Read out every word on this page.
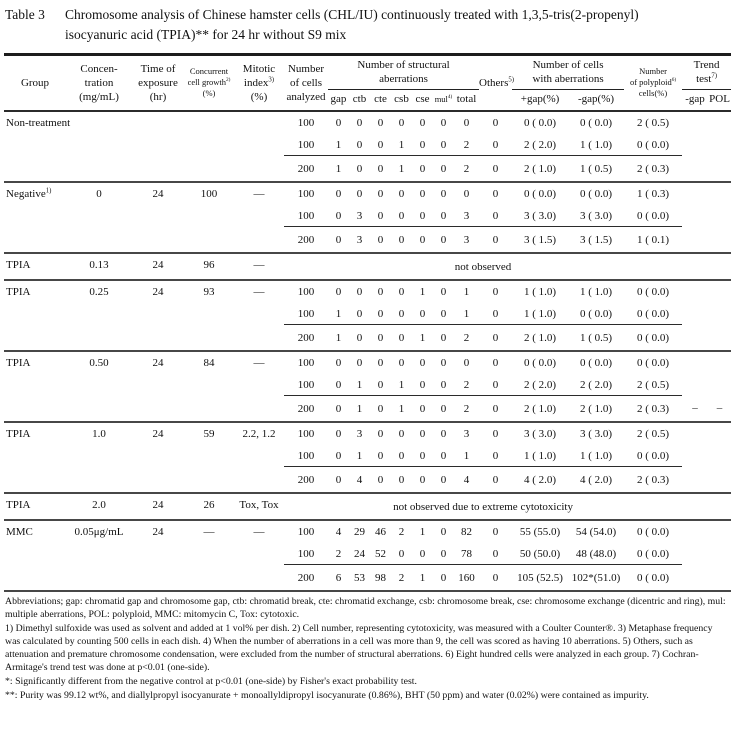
Table 3	Chromosome analysis of Chinese hamster cells (CHL/IU) continuously treated with 1,3,5-tris(2-propenyl)
isocyanuric acid (TPIA)** for 24 hr without S9 mix
Group	Concen-
tration
(mg/mL)	Time of
exposure
(hr)	Concurrent
cell growth$^{2)}$
(%)	Mitotic
index$^{3)}$
(%)	Number
of cells
analyzed	Number of structural
aberrations							Others$^{5)}$	Number of cells
with aberrations		Number
of polyploid$^{6)}$
cells(%)	Trend
test$^{7)}$
						gap	ctb	cte	csb	cse	mul$^{4)}$	total		+gap(%)	-gap(%)		-gap	POL
Non-treatment					100	0	0	0	0	0	0	0	0	0 ( 0.0)	0 ( 0.0)	2 ( 0.5)		
					100	1	0	0	1	0	0	2	0	2 ( 2.0)	1 ( 1.0)	0 ( 0.0)		
					200	1	0	0	1	0	0	2	0	2 ( 1.0)	1 ( 0.5)	2 ( 0.3)		
Negative$^{1)}$	0	24	100	—	100	0	0	0	0	0	0	0	0	0 ( 0.0)	0 ( 0.0)	1 ( 0.3)		
					100	0	3	0	0	0	0	3	0	3 ( 3.0)	3 ( 3.0)	0 ( 0.0)		
					200	0	3	0	0	0	0	3	0	3 ( 1.5)	3 ( 1.5)	1 ( 0.1)		
TPIA	0.13	24	96	—	not observed													
TPIA	0.25	24	93	—	100	0	0	0	0	1	0	1	0	1 ( 1.0)	1 ( 1.0)	0 ( 0.0)		
					100	1	0	0	0	0	0	1	0	1 ( 1.0)	0 ( 0.0)	0 ( 0.0)		
					200	1	0	0	0	1	0	2	0	2 ( 1.0)	1 ( 0.5)	0 ( 0.0)		
TPIA	0.50	24	84	—	100	0	0	0	0	0	0	0	0	0 ( 0.0)	0 ( 0.0)	0 ( 0.0)		
					100	0	1	0	1	0	0	2	0	2 ( 2.0)	2 ( 2.0)	2 ( 0.5)		
					200	0	1	0	1	0	0	2	0	2 ( 1.0)	2 ( 1.0)	2 ( 0.3)	–	–
TPIA	1.0	24	59	2.2, 1.2	100	0	3	0	0	0	0	3	0	3 ( 3.0)	3 ( 3.0)	2 ( 0.5)		
					100	0	1	0	0	0	0	1	0	1 ( 1.0)	1 ( 1.0)	0 ( 0.0)		
					200	0	4	0	0	0	0	4	0	4 ( 2.0)	4 ( 2.0)	2 ( 0.3)		
TPIA	2.0	24	26	Tox, Tox	not observed due to extreme cytotoxicity													
MMC	0.05μg/mL	24	—	—	100	4	29	46	2	1	0	82	0	55 (55.0)	54 (54.0)	0 ( 0.0)		
					100	2	24	52	0	0	0	78	0	50 (50.0)	48 (48.0)	0 ( 0.0)		
					200	6	53	98	2	1	0	160	0	105 (52.5)	102*(51.0)	0 ( 0.0)		
Abbreviations; gap: chromatid gap and chromosome gap, ctb: chromatid break, cte: chromatid exchange, csb: chromosome break, cse: chromosome exchange (dicentric and ring), mul: multiple aberrations, POL: polyploid, MMC: mitomycin C, Tox: cytotoxic.
1) Dimethyl sulfoxide was used as solvent and added at 1 vol% per dish. 2) Cell number, representing cytotoxicity, was measured with a Coulter Counter®. 3) Metaphase frequency was calculated by counting 500 cells in each dish. 4) When the number of aberrations in a cell was more than 9, the cell was scored as having 10 aberrations. 5) Others, such as attenuation and premature chromosome condensation, were excluded from the number of structural aberrations. 6) Eight hundred cells were analyzed in each group. 7) Cochran-Armitage's trend test was done at p<0.01 (one-side).
*: Significantly different from the negative control at p<0.01 (one-side) by Fisher's exact probability test.
**: Purity was 99.12 wt%, and diallylpropyl isocyanurate + monoallyldipropyl isocyanurate (0.86%), BHT (50 ppm) and water (0.02%) were contained as impurity.
